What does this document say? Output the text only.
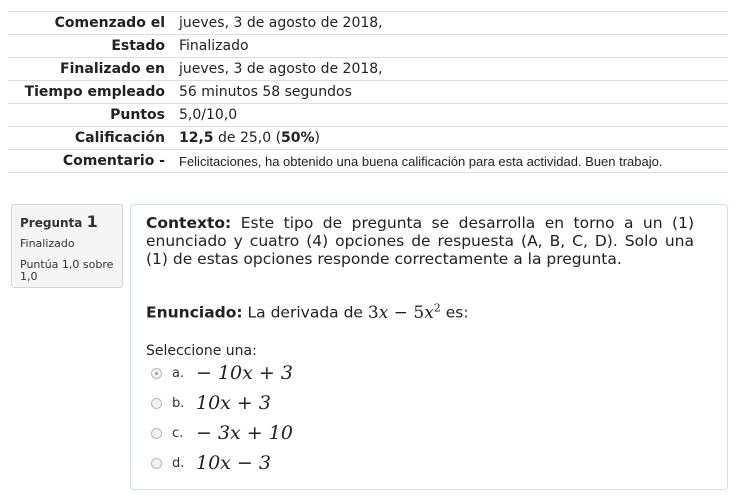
Comenzado el	jueves, 3 de agosto de 2018,
Estado	Finalizado
Finalizado en	jueves, 3 de agosto de 2018,
Tiempo empleado	56 minutos 58 segundos
Puntos	5,0/10,0
Calificación	12,5 de 25,0 (50%)
Comentario -	Felicitaciones, ha obtenido una buena calificación para esta actividad. Buen trabajo.
Pregunta 1
Finalizado
Puntúa 1,0 sobre 1,0
Contexto: Este tipo de pregunta se desarrolla en torno a un (1) enunciado y cuatro (4) opciones de respuesta (A, B, C, D). Solo una (1) de estas opciones responde correctamente a la pregunta.
Enunciado: La derivada de $3x - 5x^2$ es:
Seleccione una:
a. − 10x + 3
b. 10x + 3
c. − 3x + 10
d. 10x − 3
